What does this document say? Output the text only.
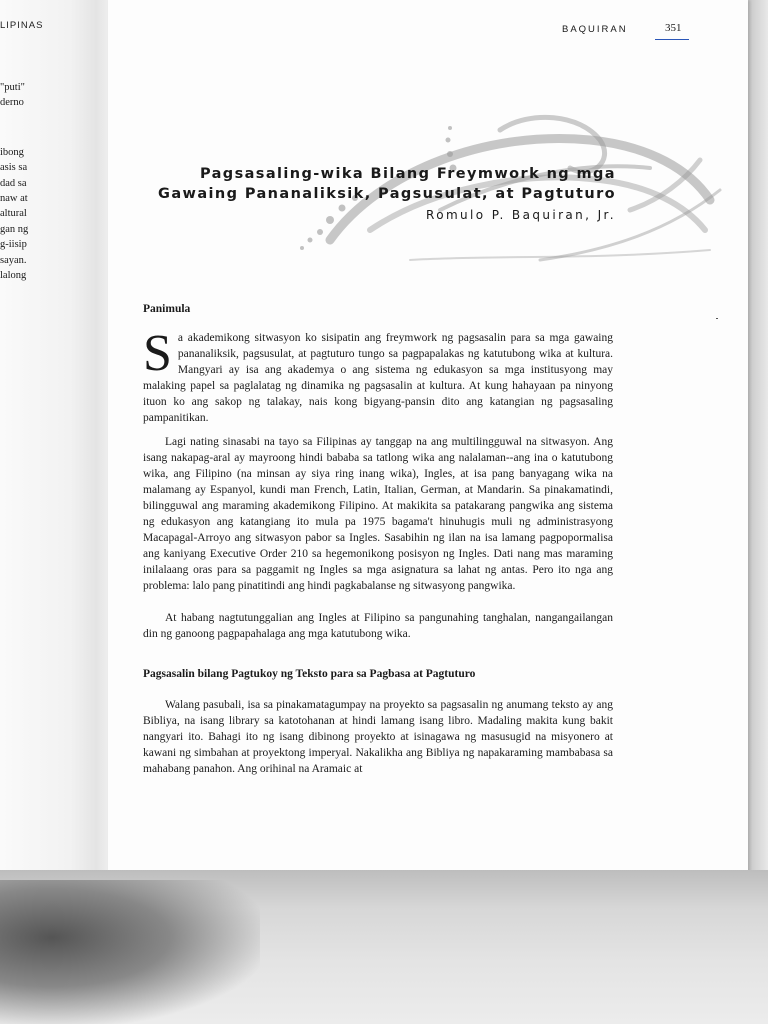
LIPINAS
"puti"
derno
ibong
asis sa
dad sa
naw at
altural
gan ng
g-iisip
sayan.
lalong
BAQUIRAN	351
Pagsasaling-wika Bilang Freymwork ng mga
Gawaing Pananaliksik, Pagsusulat, at Pagtuturo
Romulo P. Baquiran, Jr.
Panimula

Sa akademikong sitwasyon ko sisipatin ang freymwork ng pagsasalin para sa mga gawaing pananaliksik, pagsusulat, at pagtuturo tungo sa pagpapalakas ng katutubong wika at kultura. Mangyari ay isa ang akademya o ang sistema ng edukasyon sa mga institusyong may malaking papel sa paglalatag ng dinamika ng pagsasalin at kultura. At kung hahayaan pa ninyong ituon ko ang sakop ng talakay, nais kong bigyang-pansin dito ang katangian ng pagsasaling pampanitikan.

Lagi nating sinasabi na tayo sa Filipinas ay tanggap na ang multilingguwal na sitwasyon. Ang isang nakapag-aral ay mayroong hindi bababa sa tatlong wika ang nalalaman--ang ina o katutubong wika, ang Filipino (na minsan ay siya ring inang wika), Ingles, at isa pang banyagang wika na malamang ay Espanyol, kundi man French, Latin, Italian, German, at Mandarin. Sa pinakamatindi, bilingguwal ang maraming akademikong Filipino. At makikita sa patakarang pangwika ang sistema ng edukasyon ang katangiang ito mula pa 1975 bagama't hinuhugis muli ng administrasyong Macapagal-Arroyo ang sitwasyon pabor sa Ingles. Sasabihin ng ilan na isa lamang pagpopormalisa ang kaniyang Executive Order 210 sa hegemonikong posisyon ng Ingles. Dati nang mas maraming inilalaang oras para sa paggamit ng Ingles sa mga asignatura sa lahat ng antas. Pero ito nga ang problema: lalo pang pinatitindi ang hindi pagkabalanse ng sitwasyong pangwika.

At habang nagtutunggalian ang Ingles at Filipino sa pangunahing tanghalan, nangangailangan din ng ganoong pagpapahalaga ang mga katutubong wika.

Pagsasalin bilang Pagtukoy ng Teksto para sa Pagbasa at Pagtuturo

Walang pasubali, isa sa pinakamatagumpay na proyekto sa pagsasalin ng anumang teksto ay ang Bibliya, na isang library sa katotohanan at hindi lamang isang libro. Madaling makita kung bakit nangyari ito. Bahagi ito ng isang dibinong proyekto at isinagawa ng masusugid na misyonero at kawani ng simbahan at proyektong imperyal. Nakalikha ang Bibliya ng napakaraming mambabasa sa mahabang panahon. Ang orihinal na Aramaic at
